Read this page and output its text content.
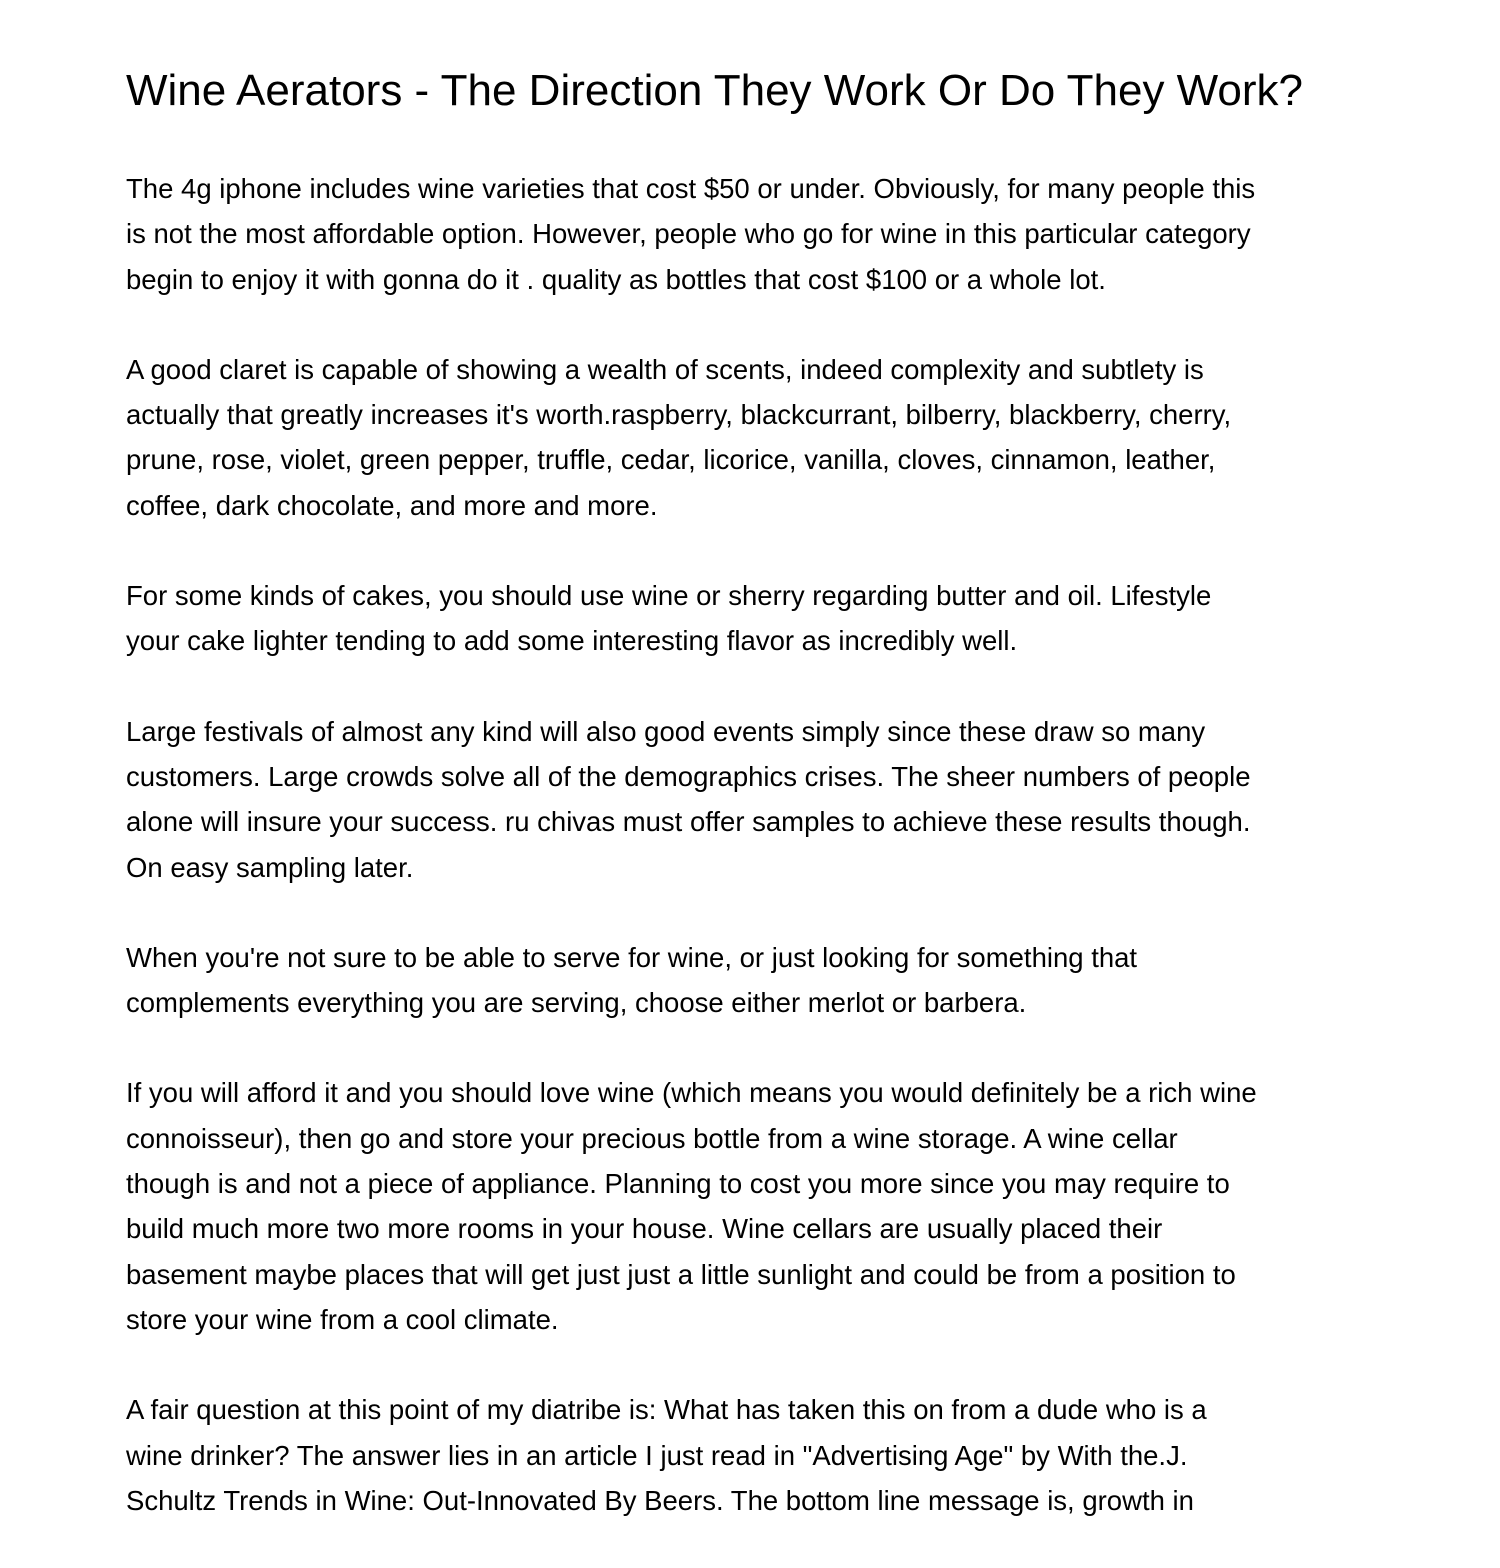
Wine Aerators - The Direction They Work Or Do They Work?

The 4g iphone includes wine varieties that cost $50 or under. Obviously, for many people this
is not the most affordable option. However, people who go for wine in this particular category
begin to enjoy it with gonna do it . quality as bottles that cost $100 or a whole lot.

A good claret is capable of showing a wealth of scents, indeed complexity and subtlety is
actually that greatly increases it's worth.raspberry, blackcurrant, bilberry, blackberry, cherry,
prune, rose, violet, green pepper, truffle, cedar, licorice, vanilla, cloves, cinnamon, leather,
coffee, dark chocolate, and more and more.

For some kinds of cakes, you should use wine or sherry regarding butter and oil. Lifestyle
your cake lighter tending to add some interesting flavor as incredibly well.

Large festivals of almost any kind will also good events simply since these draw so many
customers. Large crowds solve all of the demographics crises. The sheer numbers of people
alone will insure your success. ru chivas must offer samples to achieve these results though.
On easy sampling later.

When you're not sure to be able to serve for wine, or just looking for something that
complements everything you are serving, choose either merlot or barbera.

If you will afford it and you should love wine (which means you would definitely be a rich wine
connoisseur), then go and store your precious bottle from a wine storage. A wine cellar
though is and not a piece of appliance. Planning to cost you more since you may require to
build much more two more rooms in your house. Wine cellars are usually placed their
basement maybe places that will get just just a little sunlight and could be from a position to
store your wine from a cool climate.

A fair question at this point of my diatribe is: What has taken this on from a dude who is a
wine drinker? The answer lies in an article I just read in "Advertising Age" by With the.J.
Schultz Trends in Wine: Out-Innovated By Beers. The bottom line message is, growth in
